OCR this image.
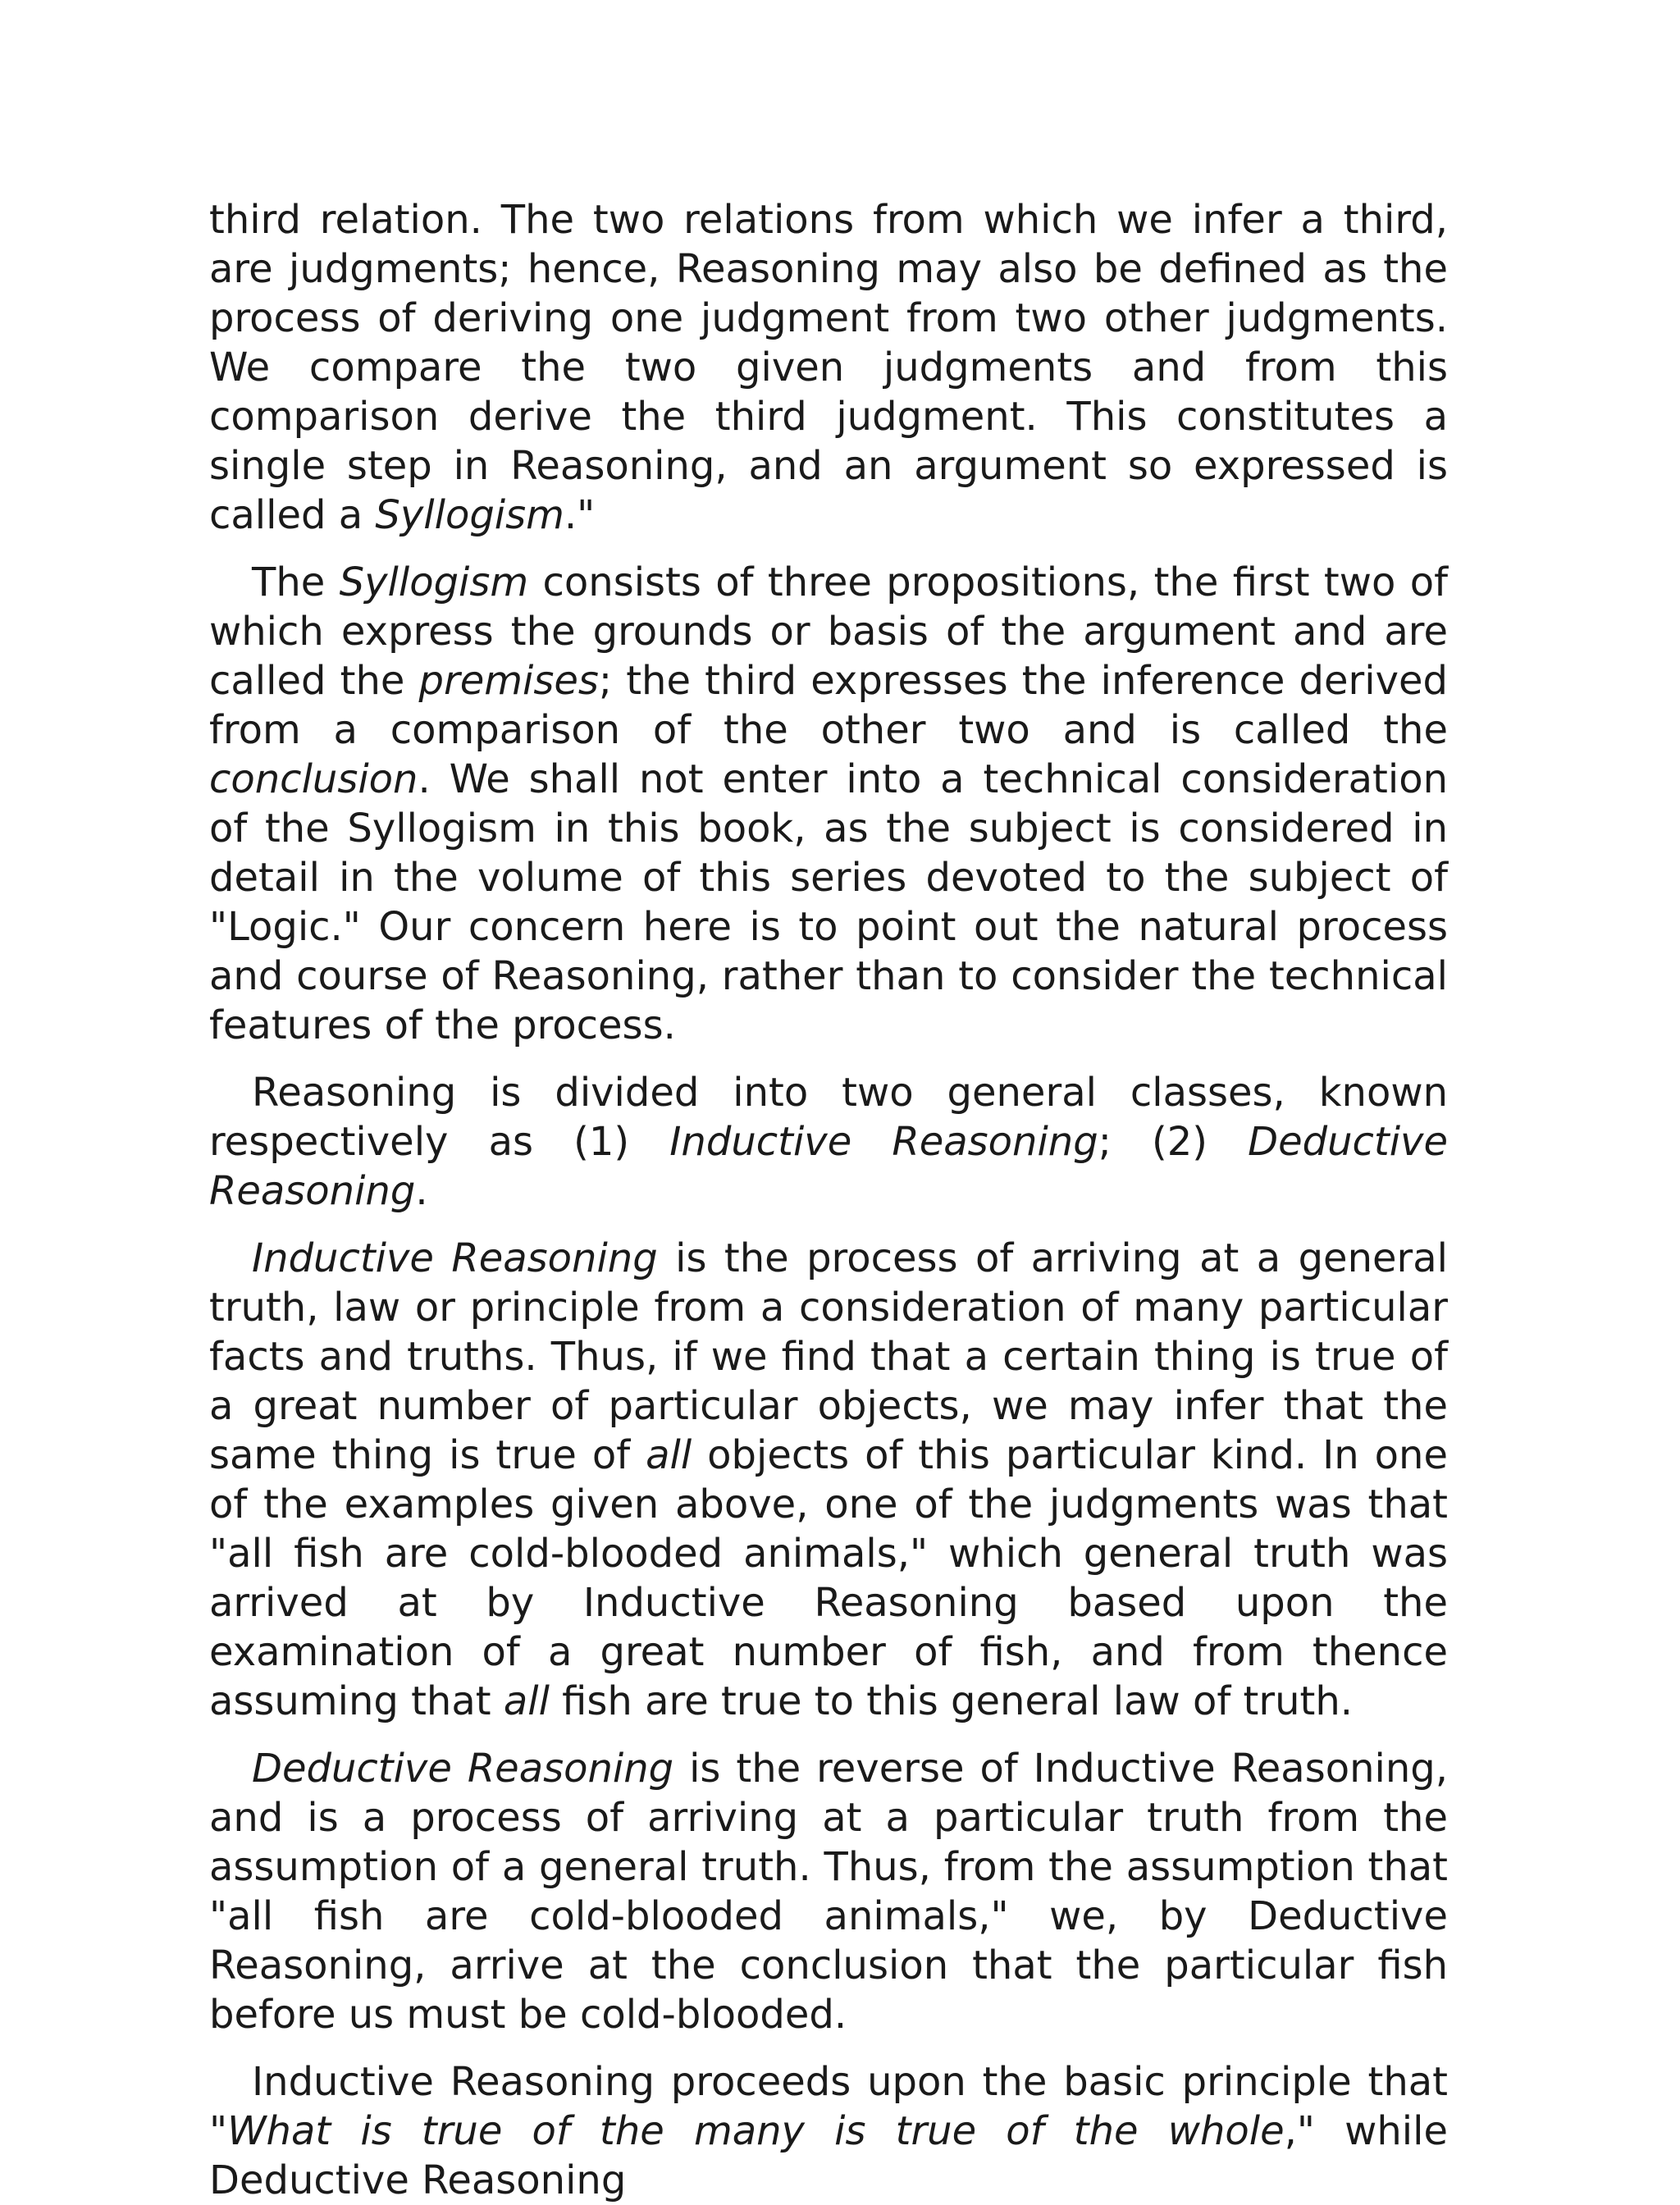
third relation. The two relations from which we infer a third, are judgments; hence, Reasoning may also be defined as the process of deriving one judgment from two other judgments. We compare the two given judgments and from this comparison derive the third judgment. This constitutes a single step in Reasoning, and an argument so expressed is called a Syllogism."

The Syllogism consists of three propositions, the first two of which express the grounds or basis of the argument and are called the premises; the third expresses the inference derived from a comparison of the other two and is called the conclusion. We shall not enter into a technical consideration of the Syllogism in this book, as the subject is considered in detail in the volume of this series devoted to the subject of "Logic." Our concern here is to point out the natural process and course of Reasoning, rather than to consider the technical features of the process.

Reasoning is divided into two general classes, known respectively as (1) Inductive Reasoning; (2) Deductive Reasoning.

Inductive Reasoning is the process of arriving at a general truth, law or principle from a consideration of many particular facts and truths. Thus, if we find that a certain thing is true of a great number of particular objects, we may infer that the same thing is true of all objects of this particular kind. In one of the examples given above, one of the judgments was that "all fish are cold-blooded animals," which general truth was arrived at by Inductive Reasoning based upon the examination of a great number of fish, and from thence assuming that all fish are true to this general law of truth.

Deductive Reasoning is the reverse of Inductive Reasoning, and is a process of arriving at a particular truth from the assumption of a general truth. Thus, from the assumption that "all fish are cold-blooded animals," we, by Deductive Reasoning, arrive at the conclusion that the particular fish before us must be cold-blooded.

Inductive Reasoning proceeds upon the basic principle that "What is true of the many is true of the whole," while Deductive Reasoning
